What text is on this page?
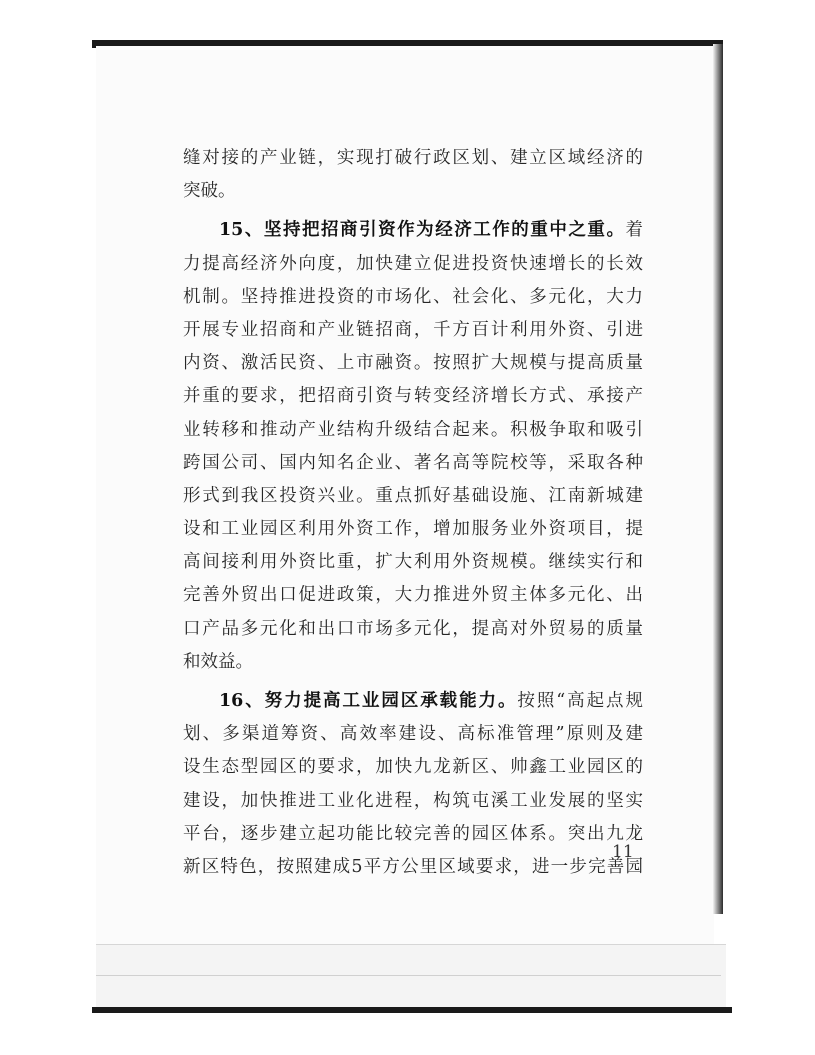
缝对接的产业链，实现打破行政区划、建立区域经济的
突破。
15、坚持把招商引资作为经济工作的重中之重。着
力提高经济外向度，加快建立促进投资快速增长的长效
机制。坚持推进投资的市场化、社会化、多元化，大力
开展专业招商和产业链招商，千方百计利用外资、引进
内资、激活民资、上市融资。按照扩大规模与提高质量
并重的要求，把招商引资与转变经济增长方式、承接产
业转移和推动产业结构升级结合起来。积极争取和吸引
跨国公司、国内知名企业、著名高等院校等，采取各种
形式到我区投资兴业。重点抓好基础设施、江南新城建
设和工业园区利用外资工作，增加服务业外资项目，提
高间接利用外资比重，扩大利用外资规模。继续实行和
完善外贸出口促进政策，大力推进外贸主体多元化、出
口产品多元化和出口市场多元化，提高对外贸易的质量
和效益。
16、努力提高工业园区承载能力。按照“高起点规
划、多渠道筹资、高效率建设、高标准管理”原则及建
设生态型园区的要求，加快九龙新区、帅鑫工业园区的
建设，加快推进工业化进程，构筑屯溪工业发展的坚实
平台，逐步建立起功能比较完善的园区体系。突出九龙
新区特色，按照建成5平方公里区域要求，进一步完善园
11
